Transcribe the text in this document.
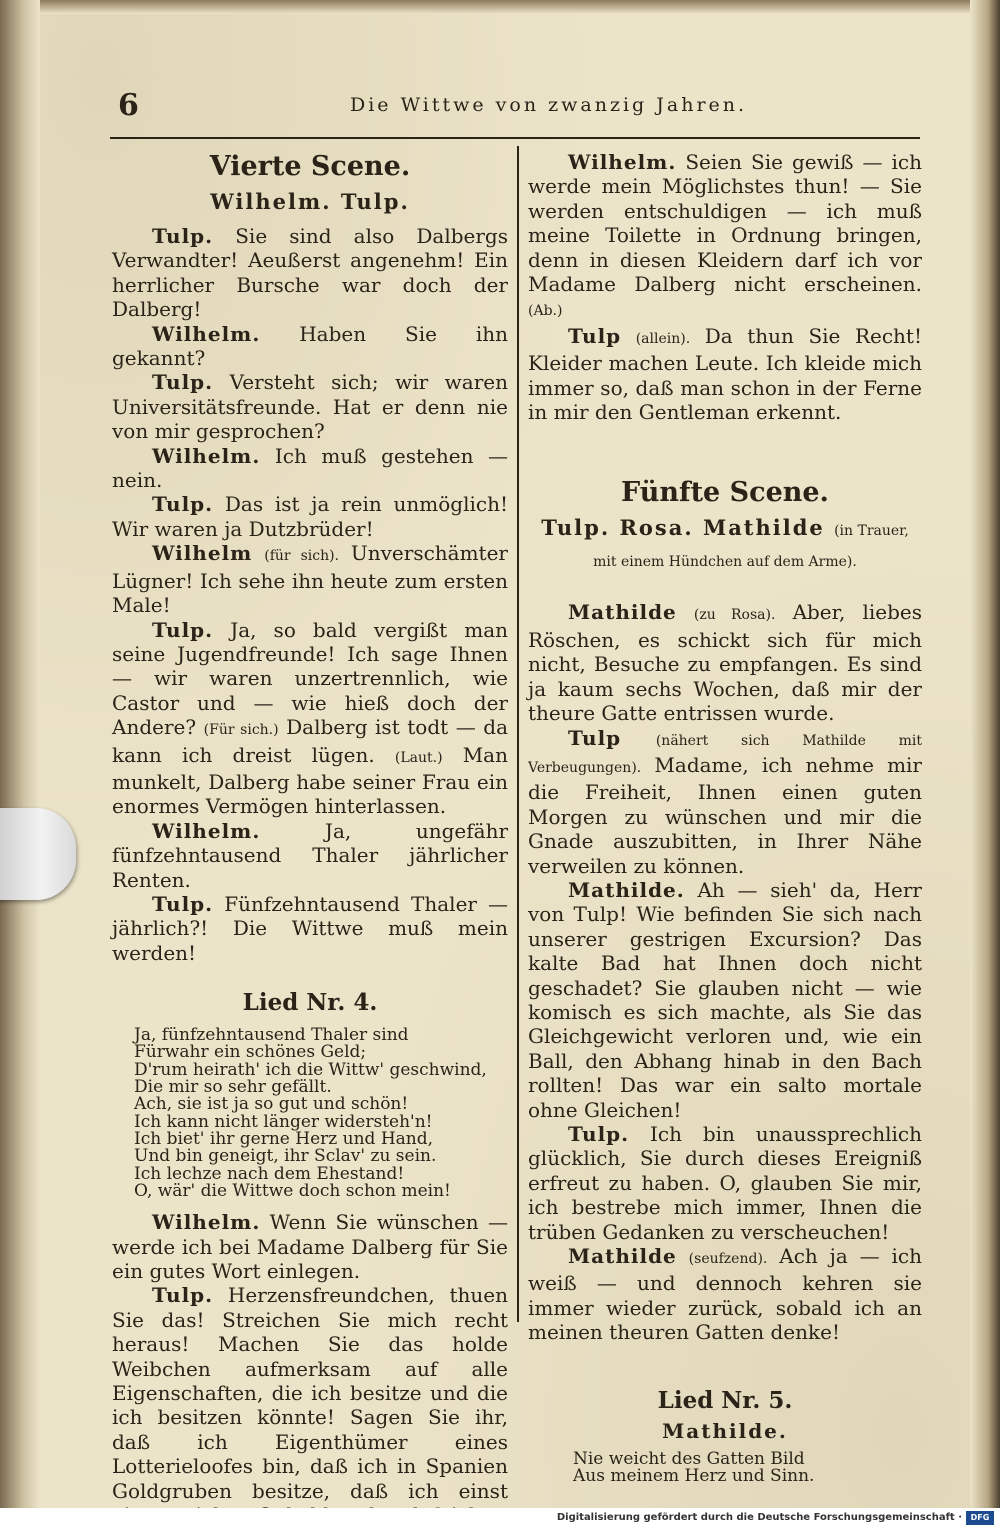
6	Die Wittwe von zwanzig Jahren.
Vierte Scene.
Wilhelm. Tulp.

Tulp. Sie sind also Dalbergs Verwandter! Aeußerst angenehm! Ein herrlicher Bursche war doch der Dalberg!

Wilhelm. Haben Sie ihn gekannt?

Tulp. Versteht sich; wir waren Universitätsfreunde. Hat er denn nie von mir gesprochen?

Wilhelm. Ich muß gestehen — nein.

Tulp. Das ist ja rein unmöglich! Wir waren ja Dutzbrüder!

Wilhelm (für sich). Unverschämter Lügner! Ich sehe ihn heute zum ersten Male!

Tulp. Ja, so bald vergißt man seine Jugendfreunde! Ich sage Ihnen — wir waren unzertrennlich, wie Castor und — wie hieß doch der Andere? (Für sich.) Dalberg ist todt — da kann ich dreist lügen. (Laut.) Man munkelt, Dalberg habe seiner Frau ein enormes Vermögen hinterlassen.

Wilhelm.	Ja, ungefähr fünfzehntausend Thaler jährlicher Renten.

Tulp. Fünfzehntausend Thaler — jährlich?! Die Wittwe muß mein werden!

Lied Nr. 4.

Ja, fünfzehntausend Thaler sind

Fürwahr ein schönes Geld;

D'rum heirath' ich die Wittw' geschwind,

Die mir so sehr gefällt.

Ach, sie ist ja so gut und schön!

Ich kann nicht länger widersteh'n!

Ich biet' ihr gerne Herz und Hand,

Und bin geneigt, ihr Sclav' zu sein.

Ich lechze nach dem Ehestand!

O, wär' die Wittwe doch schon mein!

Wilhelm. Wenn Sie wünschen — werde ich bei Madame Dalberg für Sie ein gutes Wort einlegen.

Tulp. Herzensfreundchen, thuen Sie das! Streichen Sie mich recht heraus! Machen Sie das holde Weibchen aufmerksam auf alle Eigenschaften, die ich besitze und die ich besitzen könnte! Sagen Sie ihr, daß ich Eigenthümer eines Lotterieloofes bin, daß ich in Spanien Goldgruben besitze, daß ich einst

Wilhelm. Seien Sie gewiß — ich werde mein Möglichstes thun! — Sie werden entschuldigen — ich muß meine Toilette in Ordnung bringen, denn in diesen Kleidern darf ich vor Madame Dalberg nicht erscheinen. (Ab.)

Tulp (allein). Da thun Sie Recht! Kleider machen Leute. Ich kleide mich immer so, daß man schon in der Ferne in mir den Gentleman erkennt.

Fünfte Scene.
Tulp. Rosa. Mathilde (in Trauer, mit einem Hündchen auf dem Arme).

Mathilde (zu Rosa). Aber, liebes Röschen, es schickt sich für mich nicht, Besuche zu empfangen. Es sind ja kaum sechs Wochen, daß mir der theure Gatte entrissen wurde.

Tulp (nähert sich Mathilde mit Verbeugungen). Madame, ich nehme mir die Freiheit, Ihnen einen guten Morgen zu wünschen und mir die Gnade auszubitten, in Ihrer Nähe verweilen zu können.

Mathilde. Ah — sieh' da, Herr von Tulp! Wie befinden Sie sich nach unserer gestrigen Excursion? Das kalte Bad hat Ihnen doch nicht geschadet? Sie glauben nicht — wie komisch es sich machte, als Sie das Gleichgewicht verloren und, wie ein Ball, den Abhang hinab in den Bach rollten! Das war ein salto mortale ohne Gleichen!

Tulp. Ich bin unaussprechlich glücklich, Sie durch dieses Ereigniß erfreut zu haben. O, glauben Sie mir, ich bestrebe mich immer, Ihnen die trüben Gedanken zu verscheuchen!

Mathilde (seufzend). Ach ja — ich weiß — und dennoch kehren sie immer wieder zurück, sobald ich an meinen theuren Gatten denke!

Lied Nr. 5.
Mathilde.

Nie weicht des Gatten Bild

Aus meinem Herz und Sinn.

Digitalisierung gefördert durch die Deutsche Forschungsgemeinschaft ·	DFG
